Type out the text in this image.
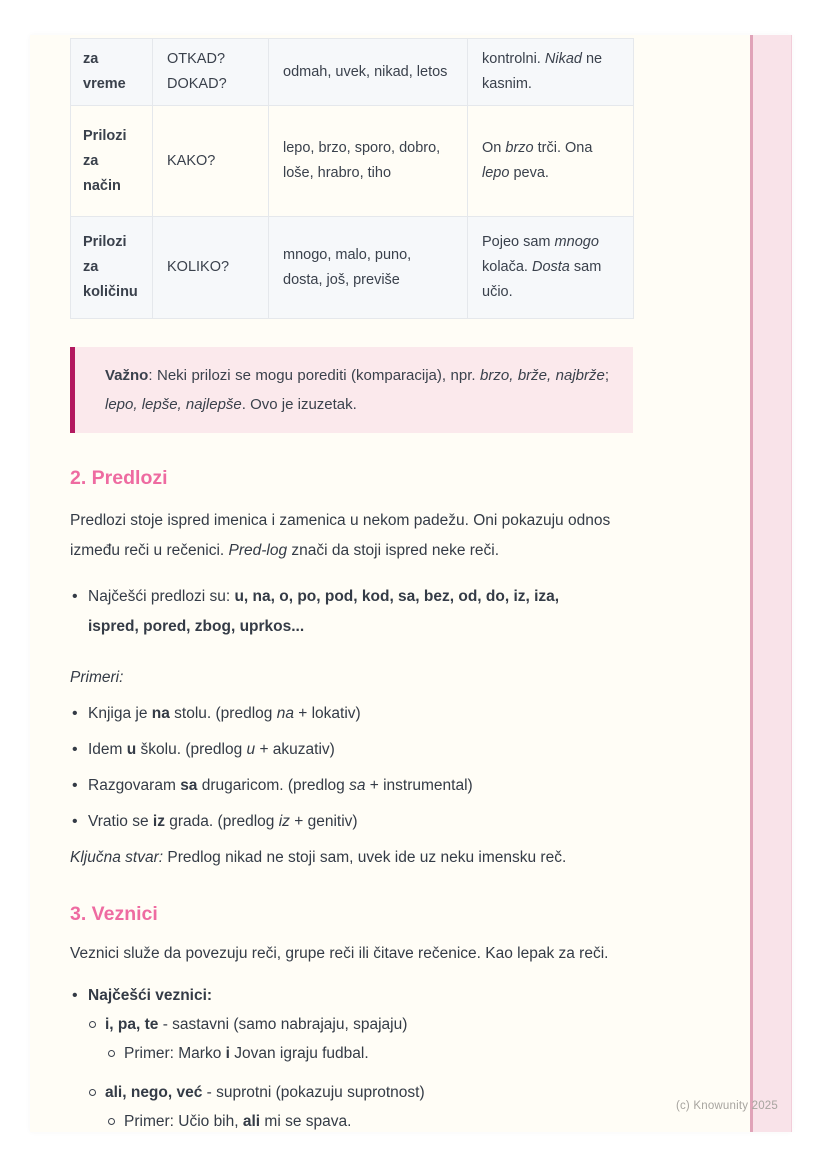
za vreme	OTKAD? DOKAD?	odmah, uvek, nikad, letos	kontrolni. Nikad ne kasnim.
Prilozi za način	KAKO?	lepo, brzo, sporo, dobro, loše, hrabro, tiho	On brzo trči. Ona lepo peva.
Prilozi za količinu	KOLIKO?	mnogo, malo, puno, dosta, još, previše	Pojeo sam mnogo kolača. Dosta sam učio.
Važno: Neki prilozi se mogu porediti (komparacija), npr. brzo, brže, najbrže; lepo, lepše, najlepše. Ovo je izuzetak.
2. Predlozi

Predlozi stoje ispred imenica i zamenica u nekom padežu. Oni pokazuju odnos
između reči u rečenici. Pred-log znači da stoji ispred neke reči.

• Najčešći predlozi su: u, na, o, po, pod, kod, sa, bez, od, do, iz, iza,
ispred, pored, zbog, uprkos...
Primeri:
• Knjiga je na stolu. (predlog na + lokativ)
• Idem u školu. (predlog u + akuzativ)
• Razgovaram sa drugaricom. (predlog sa + instrumental)
• Vratio se iz grada. (predlog iz + genitiv)
Ključna stvar: Predlog nikad ne stoji sam, uvek ide uz neku imensku reč.
3. Veznici

Veznici služe da povezuju reči, grupe reči ili čitave rečenice. Kao lepak za reči.

• Najčešći veznici:
i, pa, te - sastavni (samo nabrajaju, spajaju)
Primer: Marko i Jovan igraju fudbal.
ali, nego, već - suprotni (pokazuju suprotnost)
Primer: Učio bih, ali mi se spava.
(c) Knowunity 2025
